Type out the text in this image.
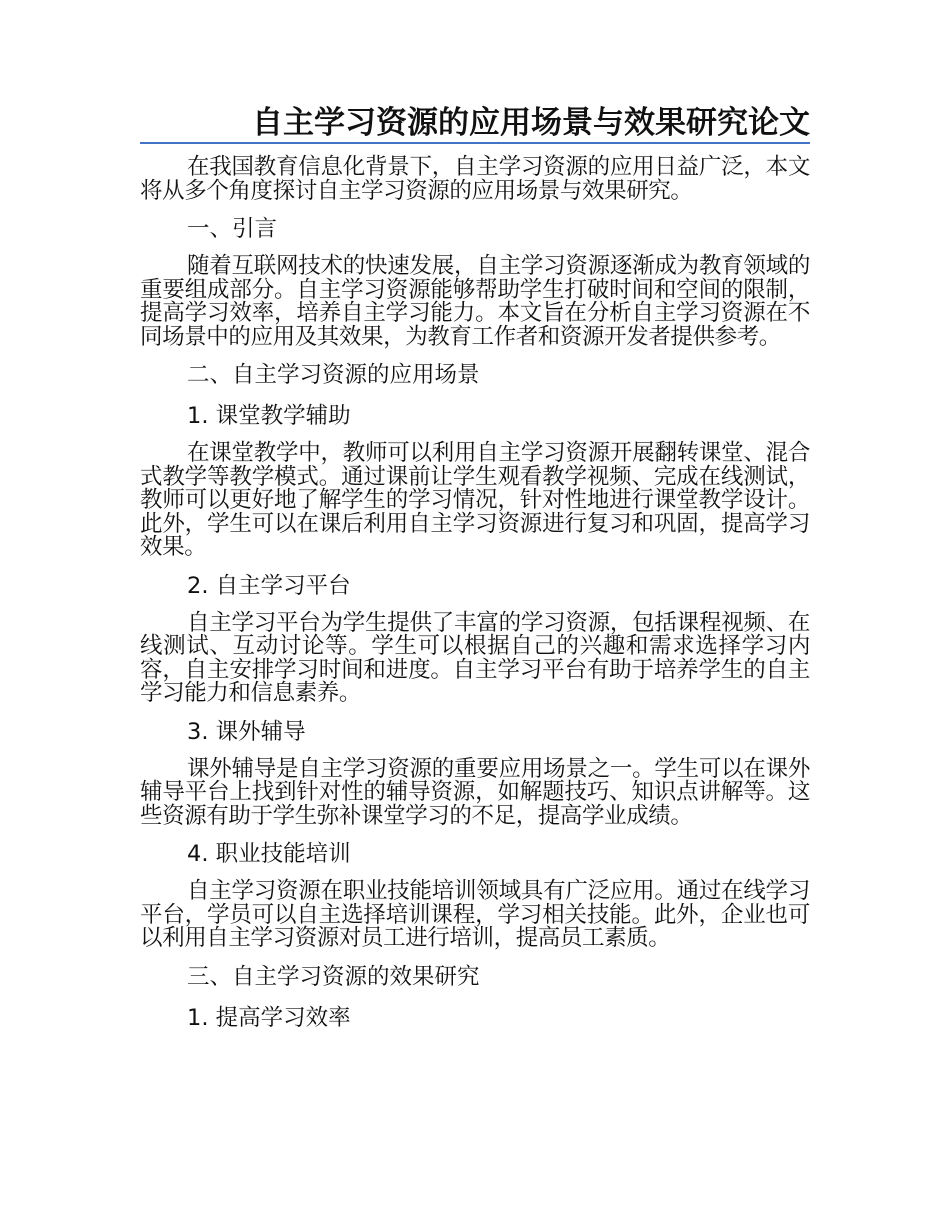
自主学习资源的应用场景与效果研究论文

在我国教育信息化背景下，自主学习资源的应用日益广泛，本文将从多个角度探讨自主学习资源的应用场景与效果研究。

一、引言

随着互联网技术的快速发展，自主学习资源逐渐成为教育领域的重要组成部分。自主学习资源能够帮助学生打破时间和空间的限制，提高学习效率，培养自主学习能力。本文旨在分析自主学习资源在不同场景中的应用及其效果，为教育工作者和资源开发者提供参考。

二、自主学习资源的应用场景
1. 课堂教学辅助

在课堂教学中，教师可以利用自主学习资源开展翻转课堂、混合式教学等教学模式。通过课前让学生观看教学视频、完成在线测试，教师可以更好地了解学生的学习情况，针对性地进行课堂教学设计。此外，学生可以在课后利用自主学习资源进行复习和巩固，提高学习效果。

2. 自主学习平台

自主学习平台为学生提供了丰富的学习资源，包括课程视频、在线测试、互动讨论等。学生可以根据自己的兴趣和需求选择学习内容，自主安排学习时间和进度。自主学习平台有助于培养学生的自主学习能力和信息素养。

3. 课外辅导

课外辅导是自主学习资源的重要应用场景之一。学生可以在课外辅导平台上找到针对性的辅导资源，如解题技巧、知识点讲解等。这些资源有助于学生弥补课堂学习的不足，提高学业成绩。

4. 职业技能培训

自主学习资源在职业技能培训领域具有广泛应用。通过在线学习平台，学员可以自主选择培训课程，学习相关技能。此外，企业也可以利用自主学习资源对员工进行培训，提高员工素质。

三、自主学习资源的效果研究
1. 提高学习效率
